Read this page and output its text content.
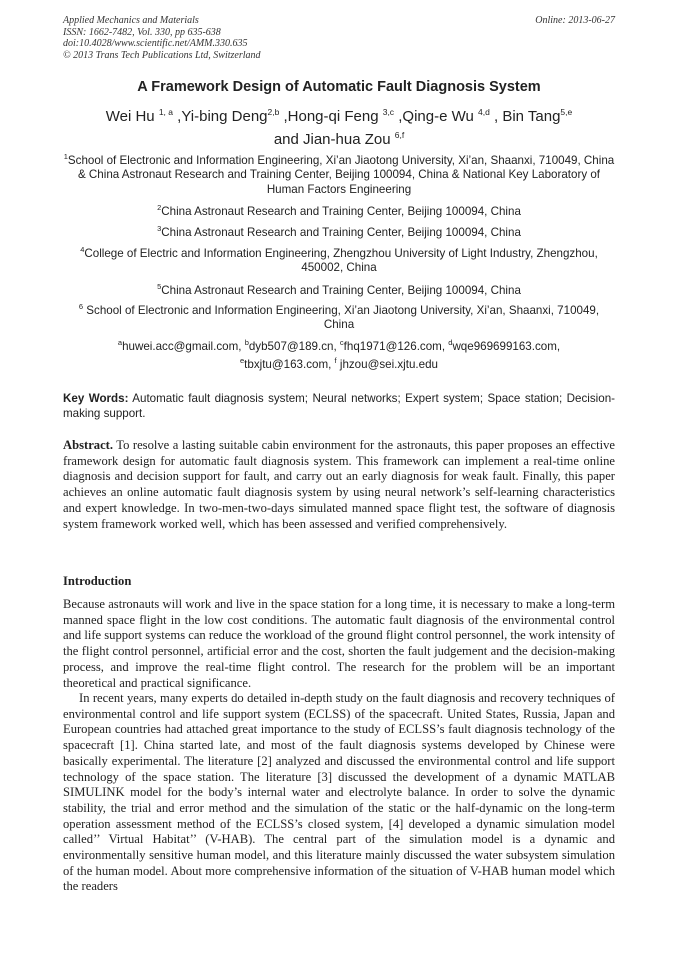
Applied Mechanics and Materials
ISSN: 1662-7482, Vol. 330, pp 635-638
doi:10.4028/www.scientific.net/AMM.330.635
© 2013 Trans Tech Publications Ltd, Switzerland
Online: 2013-06-27
A Framework Design of Automatic Fault Diagnosis System
Wei Hu $^{1, a}$ ,Yi-bing Deng$^{2,b}$ ,Hong-qi Feng $^{3,c}$ ,Qing-e Wu $^{4,d}$ , Bin Tang$^{5,e}$
and Jian-hua Zou $^{6,f}$
$^1$School of Electronic and Information Engineering, Xi’an Jiaotong University, Xi’an, Shaanxi, 710049, China & China Astronaut Research and Training Center, Beijing 100094, China & National Key Laboratory of Human Factors Engineering
$^2$China Astronaut Research and Training Center, Beijing 100094, China
$^3$China Astronaut Research and Training Center, Beijing 100094, China
$^4$College of Electric and Information Engineering, Zhengzhou University of Light Industry, Zhengzhou, 450002, China
$^5$China Astronaut Research and Training Center, Beijing 100094, China
$^6$ School of Electronic and Information Engineering, Xi’an Jiaotong University, Xi’an, Shaanxi, 710049, China
$^a$huwei.acc@gmail.com, $^b$dyb507@189.cn, $^c$fhq1971@126.com, $^d$wqe969699163.com,
$^e$tbxjtu@163.com, $^f$ jhzou@sei.xjtu.edu
Key Words: Automatic fault diagnosis system; Neural networks; Expert system; Space station; Decision-making support.
Abstract. To resolve a lasting suitable cabin environment for the astronauts, this paper proposes an effective framework design for automatic fault diagnosis system. This framework can implement a real-time online diagnosis and decision support for fault, and carry out an early diagnosis for weak fault. Finally, this paper achieves an online automatic fault diagnosis system by using neural network’s self-learning characteristics and expert knowledge. In two-men-two-days simulated manned space flight test, the software of diagnosis system framework worked well, which has been assessed and verified comprehensively.
Introduction
Because astronauts will work and live in the space station for a long time, it is necessary to make a long-term manned space flight in the low cost conditions. The automatic fault diagnosis of the environmental control and life support systems can reduce the workload of the ground flight control personnel, the work intensity of the flight control personnel, artificial error and the cost, shorten the fault judgement and the decision-making process, and improve the real-time flight control. The research for the problem will be an important theoretical and practical significance.
In recent years, many experts do detailed in-depth study on the fault diagnosis and recovery techniques of environmental control and life support system (ECLSS) of the spacecraft. United States, Russia, Japan and European countries had attached great importance to the study of ECLSS’s fault diagnosis technology of the spacecraft [1]. China started late, and most of the fault diagnosis systems developed by Chinese were basically experimental. The literature [2] analyzed and discussed the environmental control and life support technology of the space station. The literature [3] discussed the development of a dynamic MATLAB SIMULINK model for the body’s internal water and electrolyte balance. In order to solve the dynamic stability, the trial and error method and the simulation of the static or the half-dynamic on the long-term operation assessment method of the ECLSS’s closed system, [4] developed a dynamic simulation model called’’ Virtual Habitat’’ (V-HAB). The central part of the simulation model is a dynamic and environmentally sensitive human model, and this literature mainly discussed the water subsystem simulation of the human model. About more comprehensive information of the situation of V-HAB human model which the readers
